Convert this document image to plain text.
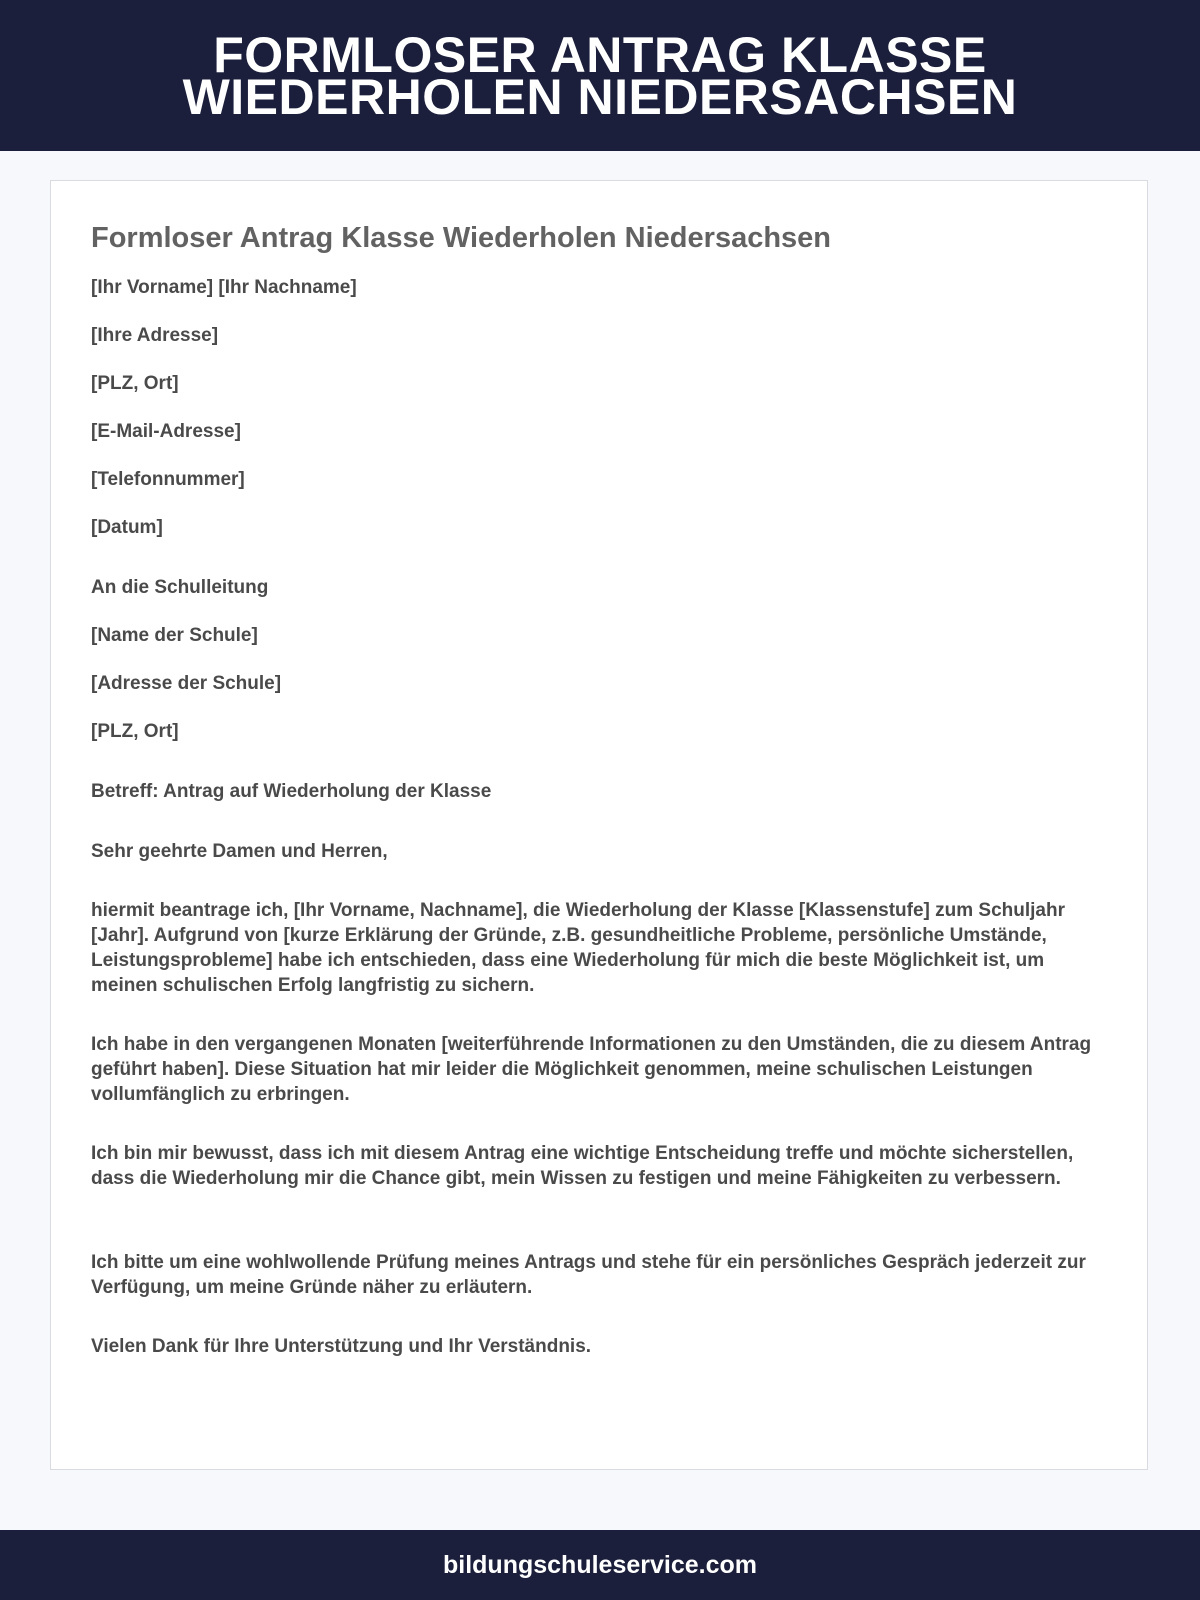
FORMLOSER ANTRAG KLASSE WIEDERHOLEN NIEDERSACHSEN
Formloser Antrag Klasse Wiederholen Niedersachsen

[Ihr Vorname] [Ihr Nachname]

[Ihre Adresse]

[PLZ, Ort]

[E-Mail-Adresse]

[Telefonnummer]

[Datum]

An die Schulleitung

[Name der Schule]

[Adresse der Schule]

[PLZ, Ort]

Betreff: Antrag auf Wiederholung der Klasse

Sehr geehrte Damen und Herren,

hiermit beantrage ich, [Ihr Vorname, Nachname], die Wiederholung der Klasse [Klassenstufe] zum Schuljahr [Jahr]. Aufgrund von [kurze Erklärung der Gründe, z.B. gesundheitliche Probleme, persönliche Umstände, Leistungsprobleme] habe ich entschieden, dass eine Wiederholung für mich die beste Möglichkeit ist, um meinen schulischen Erfolg langfristig zu sichern.

Ich habe in den vergangenen Monaten [weiterführende Informationen zu den Umständen, die zu diesem Antrag geführt haben]. Diese Situation hat mir leider die Möglichkeit genommen, meine schulischen Leistungen vollumfänglich zu erbringen.

Ich bin mir bewusst, dass ich mit diesem Antrag eine wichtige Entscheidung treffe und möchte sicherstellen, dass die Wiederholung mir die Chance gibt, mein Wissen zu festigen und meine Fähigkeiten zu verbessern.

Ich bitte um eine wohlwollende Prüfung meines Antrags und stehe für ein persönliches Gespräch jederzeit zur Verfügung, um meine Gründe näher zu erläutern.

Vielen Dank für Ihre Unterstützung und Ihr Verständnis.

bildungschuleservice.com
